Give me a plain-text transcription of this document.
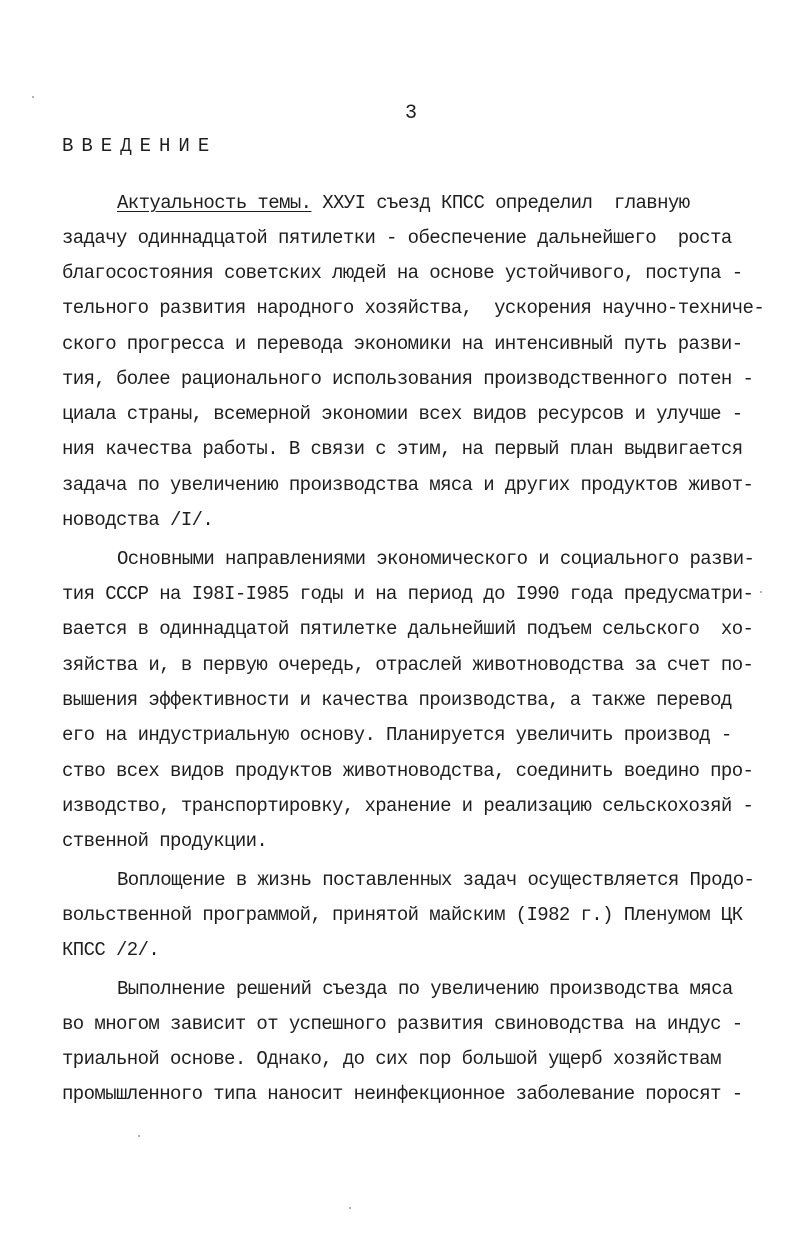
3
ВВЕДЕНИЕ
Актуальность темы. ХХУI съезд КПСС определил  главную
задачу одиннадцатой пятилетки - обеспечение дальнейшего  роста
благосостояния советских людей на основе устойчивого, поступа -
тельного развития народного хозяйства,  ускорения научно-техниче-
ского прогресса и перевода экономики на интенсивный путь разви-
тия, более рационального использования производственного потен -
циала страны, всемерной экономии всех видов ресурсов и улучше -
ния качества работы. В связи с этим, на первый план выдвигается
задача по увеличению производства мяса и других продуктов живот-
новодства /I/.
Основными направлениями экономического и социального разви-
тия СССР на I98I-I985 годы и на период до I990 года предусматри-
вается в одиннадцатой пятилетке дальнейший подъем сельского  хо-
зяйства и, в первую очередь, отраслей животноводства за счет по-
вышения эффективности и качества производства, а также перевод
его на индустриальную основу. Планируется увеличить производ -
ство всех видов продуктов животноводства, соединить воедино про-
изводство, транспортировку, хранение и реализацию сельскохозяй -
ственной продукции.
Воплощение в жизнь поставленных задач осуществляется Продо-
вольственной программой, принятой майским (I982 г.) Пленумом ЦК
КПСС /2/.
Выполнение решений съезда по увеличению производства мяса
во многом зависит от успешного развития свиноводства на индус -
триальной основе. Однако, до сих пор большой ущерб хозяйствам
промышленного типа наносит неинфекционное заболевание поросят -
